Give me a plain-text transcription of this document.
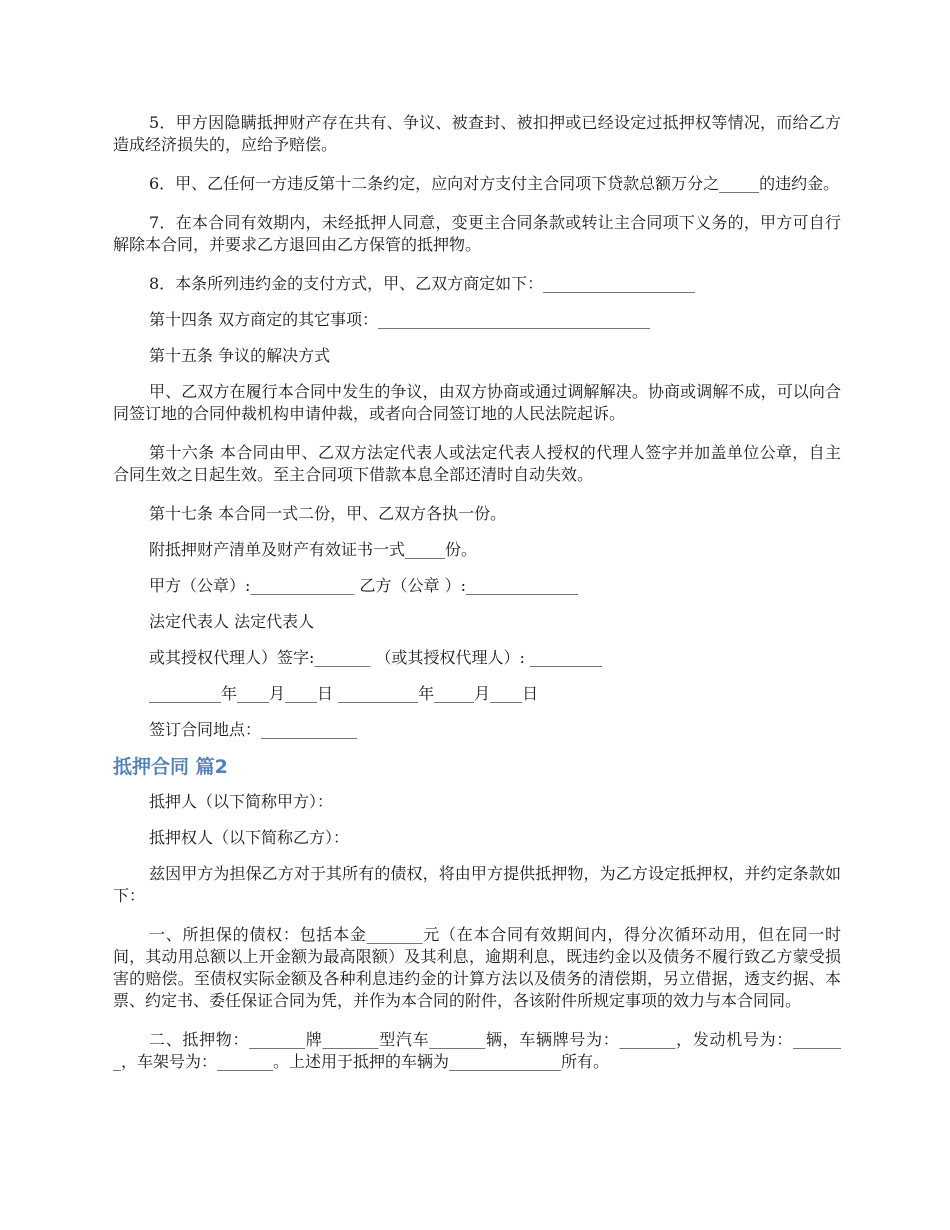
5．甲方因隐瞒抵押财产存在共有、争议、被查封、被扣押或已经设定过抵押权等情况，而给乙方造成经济损失的，应给予赔偿。

6．甲、乙任何一方违反第十二条约定，应向对方支付主合同项下贷款总额万分之_____的违约金。

7．在本合同有效期内，未经抵押人同意，变更主合同条款或转让主合同项下义务的，甲方可自行解除本合同，并要求乙方退回由乙方保管的抵押物。

8．本条所列违约金的支付方式，甲、乙双方商定如下：___________________

第十四条 双方商定的其它事项：__________________________________

第十五条 争议的解决方式

甲、乙双方在履行本合同中发生的争议，由双方协商或通过调解解决。协商或调解不成，可以向合同签订地的合同仲裁机构申请仲裁，或者向合同签订地的人民法院起诉。

第十六条 本合同由甲、乙双方法定代表人或法定代表人授权的代理人签字并加盖单位公章，自主合同生效之日起生效。至主合同项下借款本息全部还清时自动失效。

第十七条 本合同一式二份，甲、乙双方各执一份。

附抵押财产清单及财产有效证书一式_____份。

甲方（公章）:_____________ 乙方（公章 ）:______________

法定代表人 法定代表人

或其授权代理人）签字:_______ （或其授权代理人）: _________

_________年____月____日 __________年_____月____日

签订合同地点：____________

抵押合同 篇2

抵押人（以下简称甲方）：

抵押权人（以下简称乙方）：

兹因甲方为担保乙方对于其所有的债权，将由甲方提供抵押物，为乙方设定抵押权，并约定条款如下：

一、所担保的债权：包括本金_______元（在本合同有效期间内，得分次循环动用，但在同一时间，其动用总额以上开金额为最高限额）及其利息，逾期利息，既违约金以及债务不履行致乙方蒙受损害的赔偿。至债权实际金额及各种利息违约金的计算方法以及债务的清偿期，另立借据，透支约据、本票、约定书、委任保证合同为凭，并作为本合同的附件，各该附件所规定事项的效力与本合同同。

二、抵押物：_______牌_______型汽车_______辆，车辆牌号为：_______，发动机号为：_______，车架号为：_______。上述用于抵押的车辆为______________所有。
